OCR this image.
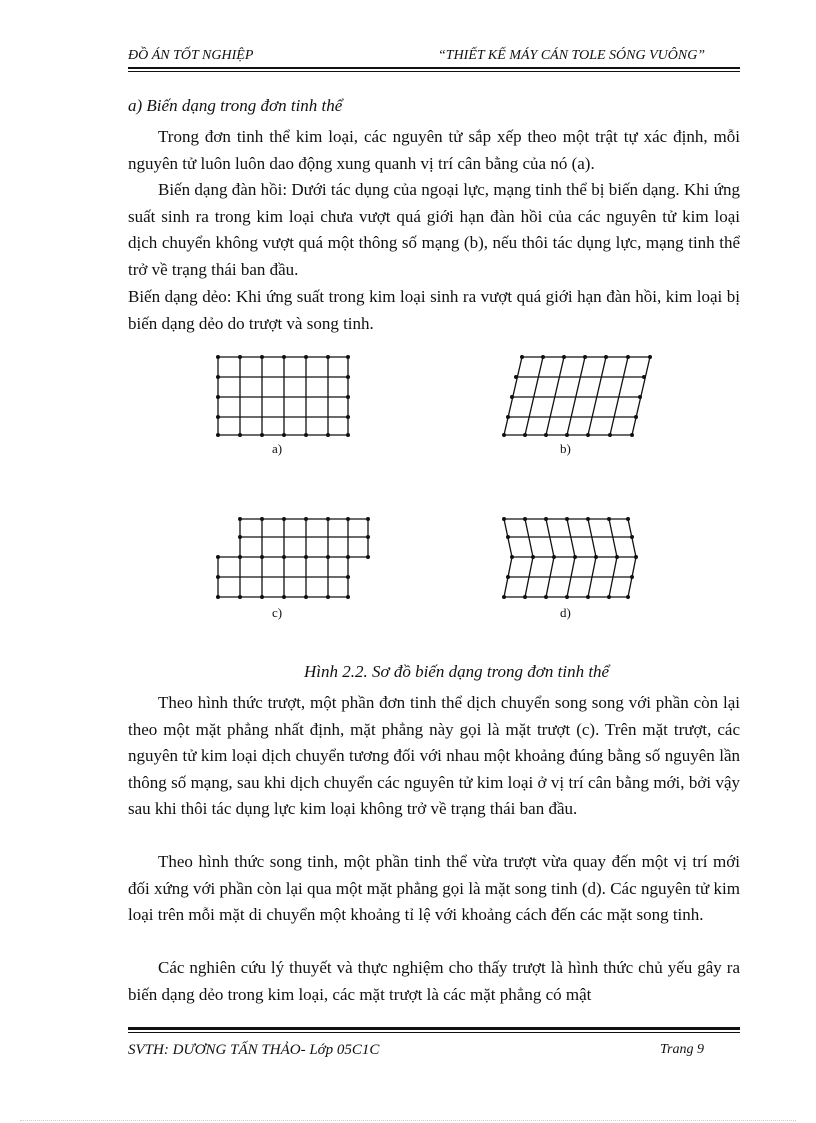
ĐỒ ÁN TỐT NGHIỆP	“THIẾT KẾ MÁY CÁN TOLE SÓNG VUÔNG”
a) Biến dạng trong đơn tinh thể

Trong đơn tinh thể kim loại, các nguyên tử sắp xếp theo một trật tự xác định, mỗi nguyên tử luôn luôn dao động xung quanh vị trí cân bằng của nó (a).

Biến dạng đàn hồi: Dưới tác dụng của ngoại lực, mạng tinh thể bị biến dạng. Khi ứng suất sinh ra trong kim loại chưa vượt quá giới hạn đàn hồi của các nguyên tử kim loại dịch chuyển không vượt quá một thông số mạng (b), nếu thôi tác dụng lực, mạng tinh thể trở về trạng thái ban đầu.

Biến dạng dẻo: Khi ứng suất trong kim loại sinh ra vượt quá giới hạn đàn hồi, kim loại bị biến dạng dẻo do trượt và song tinh.

a)	b)
c)	d)
Hình 2.2. Sơ đồ biến dạng trong đơn tinh thể

Theo hình thức trượt, một phần đơn tinh thể dịch chuyển song song với phần còn lại theo một mặt phẳng nhất định, mặt phẳng này gọi là mặt trượt (c). Trên mặt trượt, các nguyên tử kim loại dịch chuyển tương đối với nhau một khoảng đúng bằng số nguyên lần thông số mạng, sau khi dịch chuyển các nguyên tử kim loại ở vị trí cân bằng mới, bởi vậy sau khi thôi tác dụng lực kim loại không trở về trạng thái ban đầu.

Theo hình thức song tinh, một phần tinh thể vừa trượt vừa quay đến một vị trí mới đối xứng với phần còn lại qua một mặt phẳng gọi là mặt song tinh (d). Các nguyên tử kim loại trên mỗi mặt di chuyển một khoảng tỉ lệ với khoảng cách đến các mặt song tinh.

Các nghiên cứu lý thuyết và thực nghiệm cho thấy trượt là hình thức chủ yếu gây ra biến dạng dẻo trong kim loại, các mặt trượt là các mặt phẳng có mật

SVTH: DƯƠNG TẤN THẢO- Lớp 05C1C	Trang 9
